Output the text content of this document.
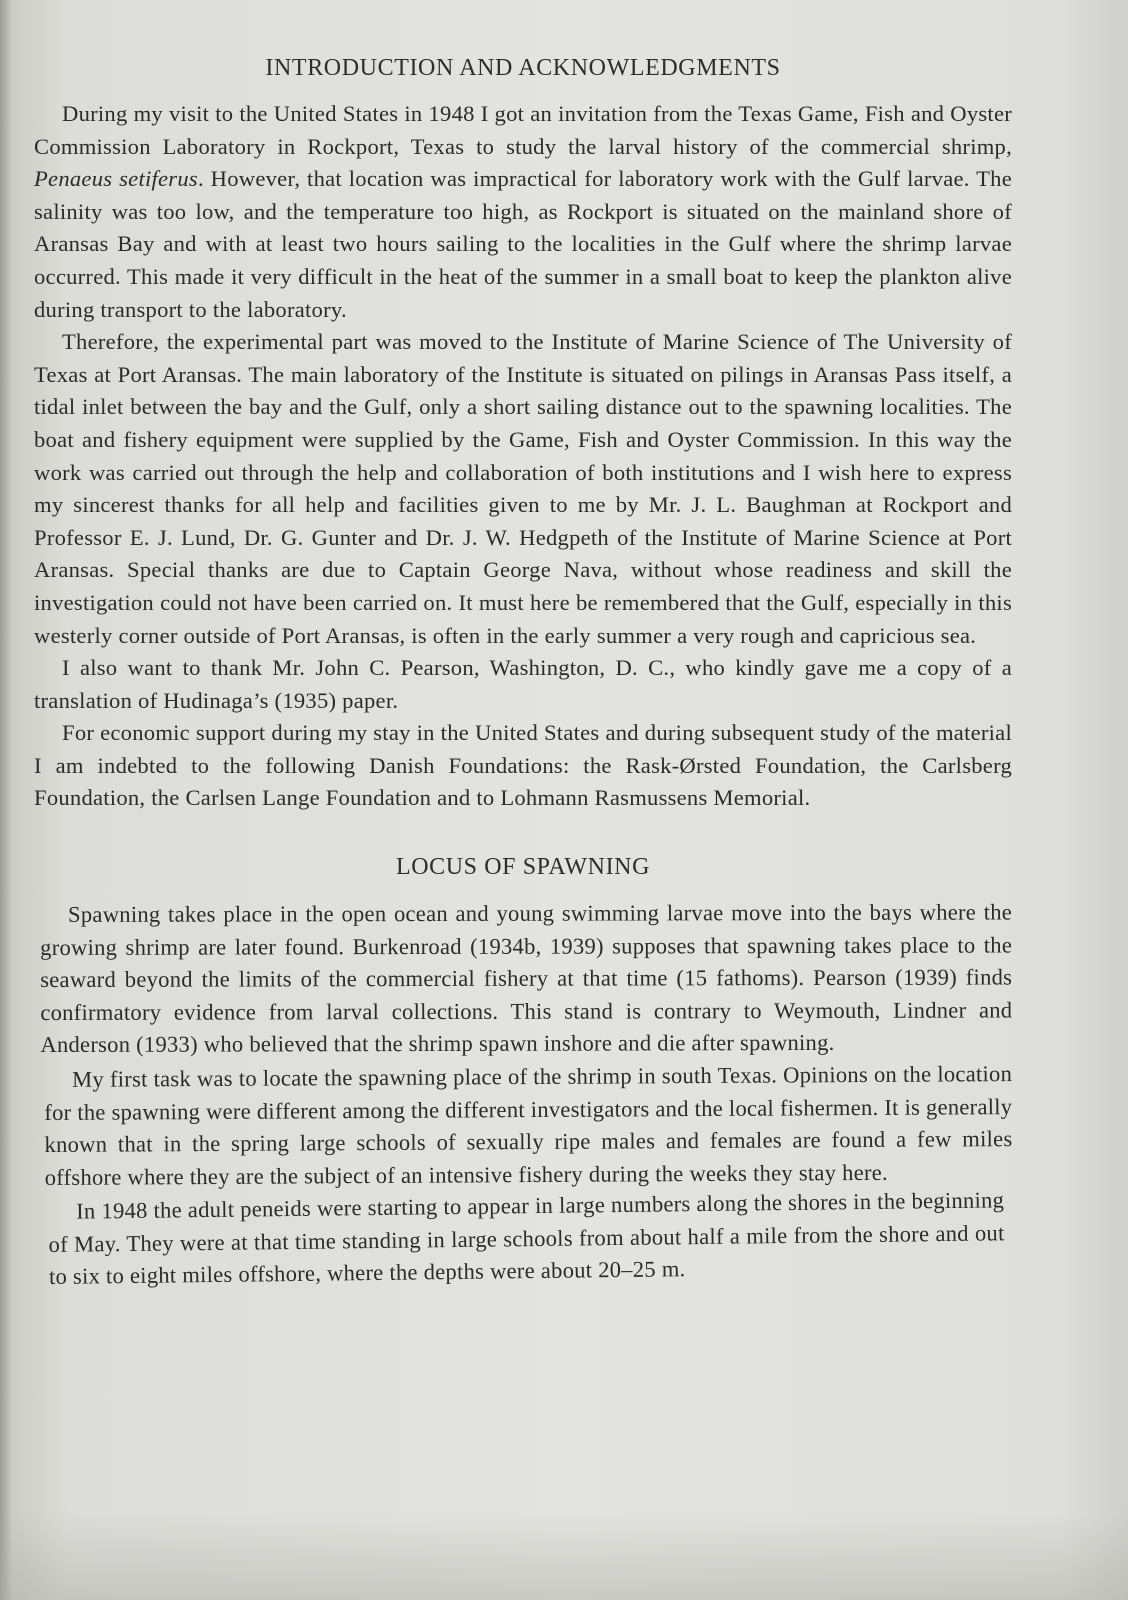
INTRODUCTION AND ACKNOWLEDGMENTS

During my visit to the United States in 1948 I got an invitation from the Texas Game, Fish and Oyster Commission Laboratory in Rockport, Texas to study the larval history of the commercial shrimp, Penaeus setiferus. However, that location was impractical for laboratory work with the Gulf larvae. The salinity was too low, and the temperature too high, as Rockport is situated on the mainland shore of Aransas Bay and with at least two hours sailing to the localities in the Gulf where the shrimp larvae occurred. This made it very difficult in the heat of the summer in a small boat to keep the plankton alive during transport to the laboratory.

Therefore, the experimental part was moved to the Institute of Marine Science of The University of Texas at Port Aransas. The main laboratory of the Institute is situated on pilings in Aransas Pass itself, a tidal inlet between the bay and the Gulf, only a short sailing distance out to the spawning localities. The boat and fishery equipment were supplied by the Game, Fish and Oyster Commission. In this way the work was carried out through the help and collaboration of both institutions and I wish here to express my sincerest thanks for all help and facilities given to me by Mr. J. L. Baughman at Rockport and Professor E. J. Lund, Dr. G. Gunter and Dr. J. W. Hedgpeth of the Institute of Marine Science at Port Aransas. Special thanks are due to Captain George Nava, without whose readiness and skill the investigation could not have been carried on. It must here be remembered that the Gulf, especially in this westerly corner outside of Port Aransas, is often in the early summer a very rough and capricious sea.

I also want to thank Mr. John C. Pearson, Washington, D. C., who kindly gave me a copy of a translation of Hudinaga’s (1935) paper.

For economic support during my stay in the United States and during subsequent study of the material I am indebted to the following Danish Foundations: the Rask-Ørsted Foundation, the Carlsberg Foundation, the Carlsen Lange Foundation and to Lohmann Rasmussens Memorial.

LOCUS OF SPAWNING

Spawning takes place in the open ocean and young swimming larvae move into the bays where the growing shrimp are later found. Burkenroad (1934b, 1939) supposes that spawning takes place to the seaward beyond the limits of the commercial fishery at that time (15 fathoms). Pearson (1939) finds confirmatory evidence from larval collections. This stand is contrary to Weymouth, Lindner and Anderson (1933) who believed that the shrimp spawn inshore and die after spawning.

My first task was to locate the spawning place of the shrimp in south Texas. Opinions on the location for the spawning were different among the different investigators and the local fishermen. It is generally known that in the spring large schools of sexually ripe males and females are found a few miles offshore where they are the subject of an intensive fishery during the weeks they stay here.

In 1948 the adult peneids were starting to appear in large numbers along the shores in the beginning of May. They were at that time standing in large schools from about half a mile from the shore and out to six to eight miles offshore, where the depths were about 20–25 m.
